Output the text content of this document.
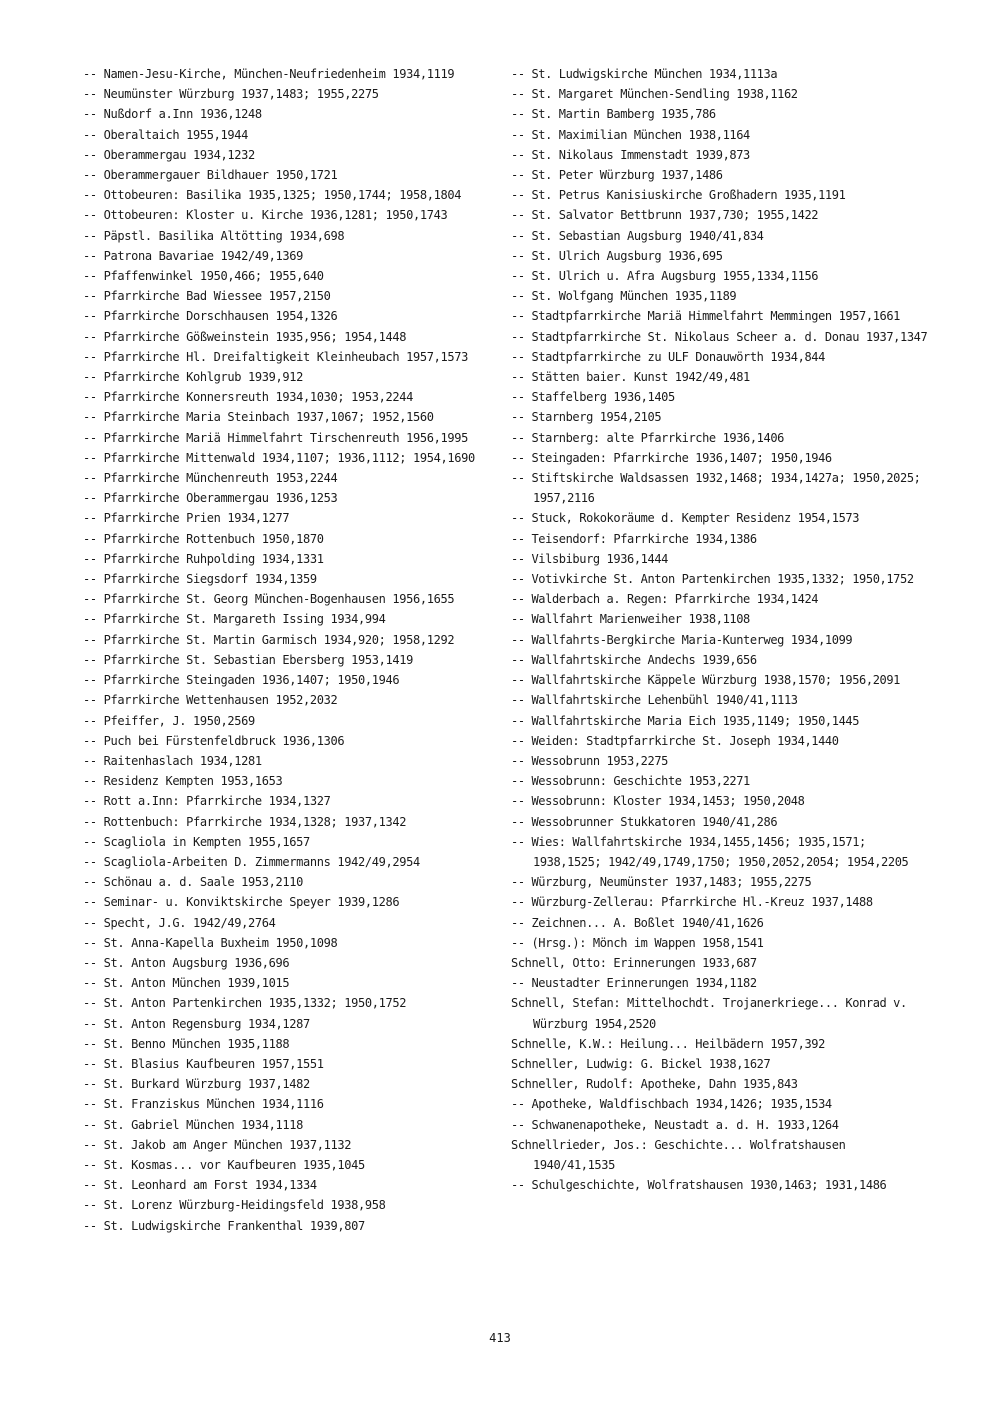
-- Namen-Jesu-Kirche, München-Neufriedenheim 1934,1119
-- Neumünster Würzburg 1937,1483; 1955,2275
-- Nußdorf a.Inn 1936,1248
-- Oberaltaich 1955,1944
-- Oberammergau 1934,1232
-- Oberammergauer Bildhauer 1950,1721
-- Ottobeuren: Basilika 1935,1325; 1950,1744; 1958,1804
-- Ottobeuren: Kloster u. Kirche 1936,1281; 1950,1743
-- Päpstl. Basilika Altötting 1934,698
-- Patrona Bavariae 1942/49,1369
-- Pfaffenwinkel 1950,466; 1955,640
-- Pfarrkirche Bad Wiessee 1957,2150
-- Pfarrkirche Dorschhausen 1954,1326
-- Pfarrkirche Gößweinstein 1935,956; 1954,1448
-- Pfarrkirche Hl. Dreifaltigkeit Kleinheubach 1957,1573
-- Pfarrkirche Kohlgrub 1939,912
-- Pfarrkirche Konnersreuth 1934,1030; 1953,2244
-- Pfarrkirche Maria Steinbach 1937,1067; 1952,1560
-- Pfarrkirche Mariä Himmelfahrt Tirschenreuth 1956,1995
-- Pfarrkirche Mittenwald 1934,1107; 1936,1112; 1954,1690
-- Pfarrkirche Münchenreuth 1953,2244
-- Pfarrkirche Oberammergau 1936,1253
-- Pfarrkirche Prien 1934,1277
-- Pfarrkirche Rottenbuch 1950,1870
-- Pfarrkirche Ruhpolding 1934,1331
-- Pfarrkirche Siegsdorf 1934,1359
-- Pfarrkirche St. Georg München-Bogenhausen 1956,1655
-- Pfarrkirche St. Margareth Issing 1934,994
-- Pfarrkirche St. Martin Garmisch 1934,920; 1958,1292
-- Pfarrkirche St. Sebastian Ebersberg 1953,1419
-- Pfarrkirche Steingaden 1936,1407; 1950,1946
-- Pfarrkirche Wettenhausen 1952,2032
-- Pfeiffer, J. 1950,2569
-- Puch bei Fürstenfeldbruck 1936,1306
-- Raitenhaslach 1934,1281
-- Residenz Kempten 1953,1653
-- Rott a.Inn: Pfarrkirche 1934,1327
-- Rottenbuch: Pfarrkirche 1934,1328; 1937,1342
-- Scagliola in Kempten 1955,1657
-- Scagliola-Arbeiten D. Zimmermanns 1942/49,2954
-- Schönau a. d. Saale 1953,2110
-- Seminar- u. Konviktskirche Speyer 1939,1286
-- Specht, J.G. 1942/49,2764
-- St. Anna-Kapella Buxheim 1950,1098
-- St. Anton Augsburg 1936,696
-- St. Anton München 1939,1015
-- St. Anton Partenkirchen 1935,1332; 1950,1752
-- St. Anton Regensburg 1934,1287
-- St. Benno München 1935,1188
-- St. Blasius Kaufbeuren 1957,1551
-- St. Burkard Würzburg 1937,1482
-- St. Franziskus München 1934,1116
-- St. Gabriel München 1934,1118
-- St. Jakob am Anger München 1937,1132
-- St. Kosmas... vor Kaufbeuren 1935,1045
-- St. Leonhard am Forst 1934,1334
-- St. Lorenz Würzburg-Heidingsfeld 1938,958
-- St. Ludwigskirche Frankenthal 1939,807
-- St. Ludwigskirche München 1934,1113a
-- St. Margaret München-Sendling 1938,1162
-- St. Martin Bamberg 1935,786
-- St. Maximilian München 1938,1164
-- St. Nikolaus Immenstadt 1939,873
-- St. Peter Würzburg 1937,1486
-- St. Petrus Kanisiuskirche Großhadern 1935,1191
-- St. Salvator Bettbrunn 1937,730; 1955,1422
-- St. Sebastian Augsburg 1940/41,834
-- St. Ulrich Augsburg 1936,695
-- St. Ulrich u. Afra Augsburg 1955,1334,1156
-- St. Wolfgang München 1935,1189
-- Stadtpfarrkirche Mariä Himmelfahrt Memmingen 1957,1661
-- Stadtpfarrkirche St. Nikolaus Scheer a. d. Donau 1937,1347
-- Stadtpfarrkirche zu ULF Donauwörth 1934,844
-- Stätten baier. Kunst 1942/49,481
-- Staffelberg 1936,1405
-- Starnberg 1954,2105
-- Starnberg: alte Pfarrkirche 1936,1406
-- Steingaden: Pfarrkirche 1936,1407; 1950,1946
-- Stiftskirche Waldsassen 1932,1468; 1934,1427a; 1950,2025; 1957,2116
-- Stuck, Rokokoräume d. Kempter Residenz 1954,1573
-- Teisendorf: Pfarrkirche 1934,1386
-- Vilsbiburg 1936,1444
-- Votivkirche St. Anton Partenkirchen 1935,1332; 1950,1752
-- Walderbach a. Regen: Pfarrkirche 1934,1424
-- Wallfahrt Marienweiher 1938,1108
-- Wallfahrts-Bergkirche Maria-Kunterweg 1934,1099
-- Wallfahrtskirche Andechs 1939,656
-- Wallfahrtskirche Käppele Würzburg 1938,1570; 1956,2091
-- Wallfahrtskirche Lehenbühl 1940/41,1113
-- Wallfahrtskirche Maria Eich 1935,1149; 1950,1445
-- Weiden: Stadtpfarrkirche St. Joseph 1934,1440
-- Wessobrunn 1953,2275
-- Wessobrunn: Geschichte 1953,2271
-- Wessobrunn: Kloster 1934,1453; 1950,2048
-- Wessobrunner Stukkatoren 1940/41,286
-- Wies: Wallfahrtskirche 1934,1455,1456; 1935,1571; 1938,1525; 1942/49,1749,1750; 1950,2052,2054; 1954,2205
-- Würzburg, Neumünster 1937,1483; 1955,2275
-- Würzburg-Zellerau: Pfarrkirche Hl.-Kreuz 1937,1488
-- Zeichnen... A. Boßlet 1940/41,1626
-- (Hrsg.): Mönch im Wappen 1958,1541
Schnell, Otto: Erinnerungen 1933,687
-- Neustadter Erinnerungen 1934,1182
Schnell, Stefan: Mittelhochdt. Trojanerkriege... Konrad v. Würzburg 1954,2520
Schnelle, K.W.: Heilung... Heilbädern 1957,392
Schneller, Ludwig: G. Bickel 1938,1627
Schneller, Rudolf: Apotheke, Dahn 1935,843
-- Apotheke, Waldfischbach 1934,1426; 1935,1534
-- Schwanenapotheke, Neustadt a. d. H. 1933,1264
Schnellrieder, Jos.: Geschichte... Wolfratshausen 1940/41,1535
-- Schulgeschichte, Wolfratshausen 1930,1463; 1931,1486
413
